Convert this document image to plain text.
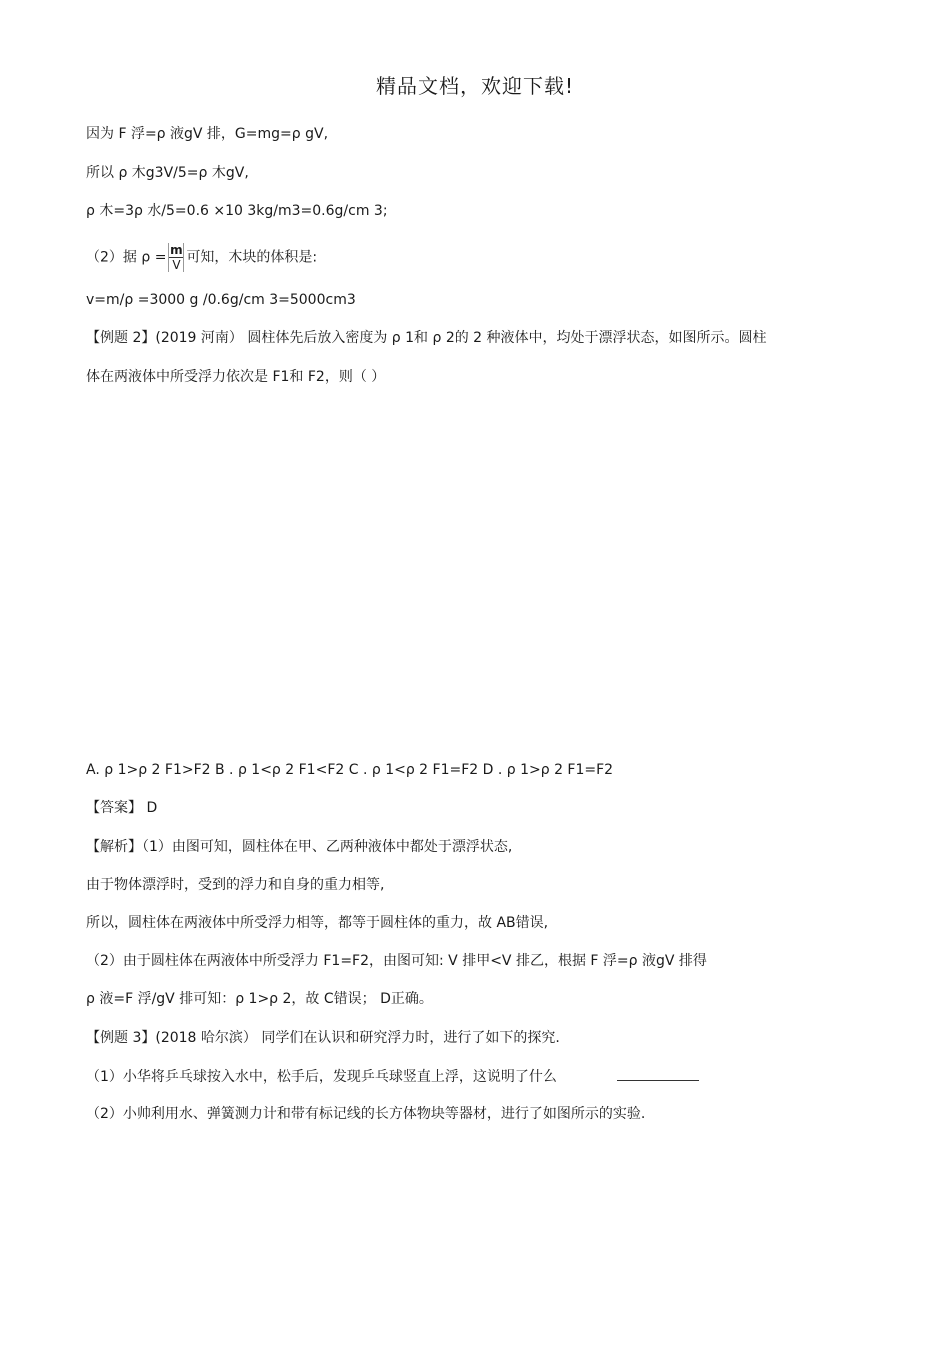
精品文档，欢迎下载!
因为 F 浮=ρ 液gV 排，G=mg=ρ gV,
所以 ρ 木g3V/5=ρ 木gV,
ρ 木=3ρ 水/5=0.6 ×10 3kg/m3=0.6g/cm 3;
（2）据 $\rho = \frac{m}{V}$ 可知，木块的体积是:
v=m/ρ =3000 g /0.6g/cm 3=5000cm3
【例题 2】(2019 河南） 圆柱体先后放入密度为 ρ 1和 ρ 2的 2 种液体中，均处于漂浮状态，如图所示。圆柱
体在两液体中所受浮力依次是 F1和 F2，则（ ）
A. ρ 1>ρ 2 F1>F2 B . ρ 1<ρ 2 F1<F2 C . ρ 1<ρ 2 F1=F2 D . ρ 1>ρ 2 F1=F2
【答案】 D
【解析】（1）由图可知，圆柱体在甲、乙两种液体中都处于漂浮状态,
由于物体漂浮时，受到的浮力和自身的重力相等,
所以，圆柱体在两液体中所受浮力相等，都等于圆柱体的重力，故 AB错误,
（2）由于圆柱体在两液体中所受浮力 F1=F2，由图可知: V 排甲<V 排乙，根据 F 浮=ρ 液gV 排得
ρ 液=F 浮/gV 排可知：ρ 1>ρ 2，故 C错误； D正确。
【例题 3】(2018 哈尔滨） 同学们在认识和研究浮力时，进行了如下的探究.
（1）小华将乒乓球按入水中，松手后，发现乒乓球竖直上浮，这说明了什么
（2）小帅利用水、弹簧测力计和带有标记线的长方体物块等器材，进行了如图所示的实验.
